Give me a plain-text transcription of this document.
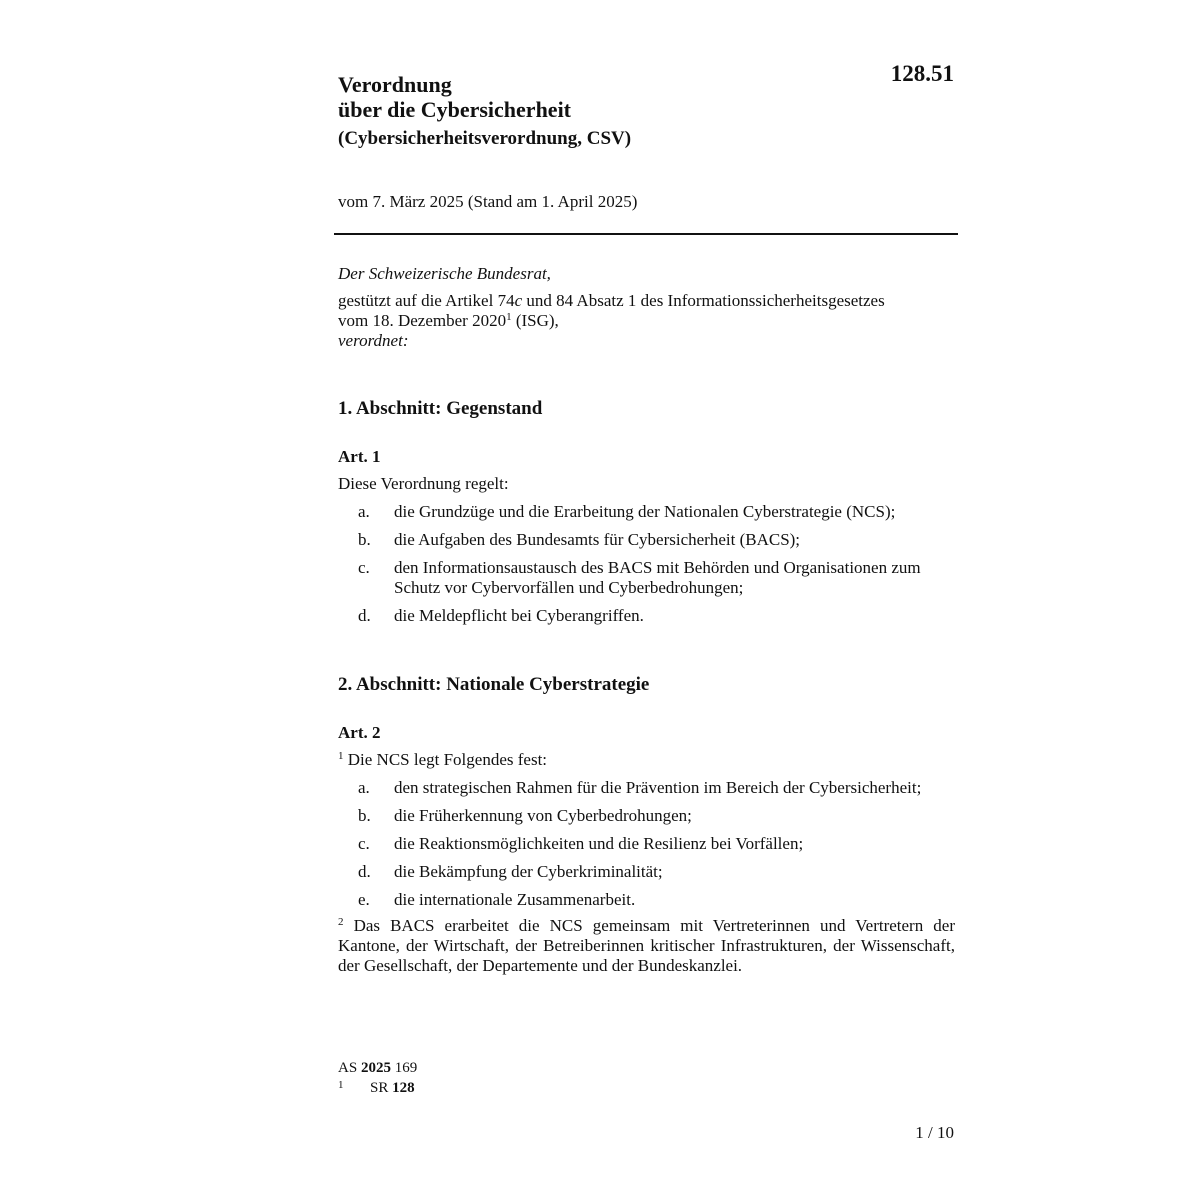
128.51
Verordnung
über die Cybersicherheit
(Cybersicherheitsverordnung, CSV)
vom 7. März 2025 (Stand am 1. April 2025)

Der Schweizerische Bundesrat,

gestützt auf die Artikel 74c und 84 Absatz 1 des Informationssicherheitsgesetzes
vom 18. Dezember 2020$^1$ (ISG),

verordnet:

1. Abschnitt: Gegenstand

Art. 1

Diese Verordnung regelt:

a. die Grundzüge und die Erarbeitung der Nationalen Cyberstrategie (NCS);
b. die Aufgaben des Bundesamts für Cybersicherheit (BACS);
c. den Informationsaustausch des BACS mit Behörden und Organisationen zum Schutz vor Cybervorfällen und Cyberbedrohungen;
d. die Meldepflicht bei Cyberangriffen.

2. Abschnitt: Nationale Cyberstrategie

Art. 2

$^1$ Die NCS legt Folgendes fest:

a. den strategischen Rahmen für die Prävention im Bereich der Cybersicherheit;
b. die Früherkennung von Cyberbedrohungen;
c. die Reaktionsmöglichkeiten und die Resilienz bei Vorfällen;
d. die Bekämpfung der Cyberkriminalität;
e. die internationale Zusammenarbeit.

$^2$ Das BACS erarbeitet die NCS gemeinsam mit Vertreterinnen und Vertretern der Kantone, der Wirtschaft, der Betreiberinnen kritischer Infrastrukturen, der Wissenschaft, der Gesellschaft, der Departemente und der Bundeskanzlei.

AS 2025 169
1 SR 128
1 / 10
